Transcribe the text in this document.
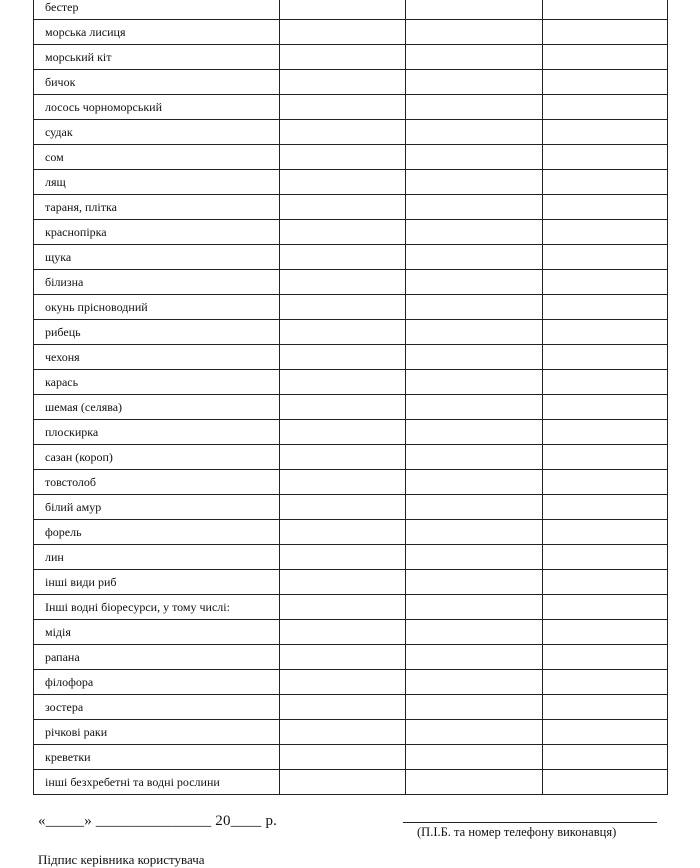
бестер			
морська лисиця			
морський кіт			
бичок			
лосось чорноморський			
судак			
сом			
лящ			
тараня, плітка			
краснопірка			
щука			
білизна			
окунь прісноводний			
рибець			
чехоня			
карась			
шемая (селява)			
плоскирка			
сазан (короп)			
товстолоб			
білий амур			
форель			
лин			
інші види риб			
Інші водні біоресурси, у тому числі:			
мідія			
рапана			
філофора			
зостера			
річкові раки			
креветки			
інші безхребетні та водні рослини			
«_____» _______________ 20____ р.
(П.І.Б. та номер телефону виконавця)
Підпис керівника користувача
